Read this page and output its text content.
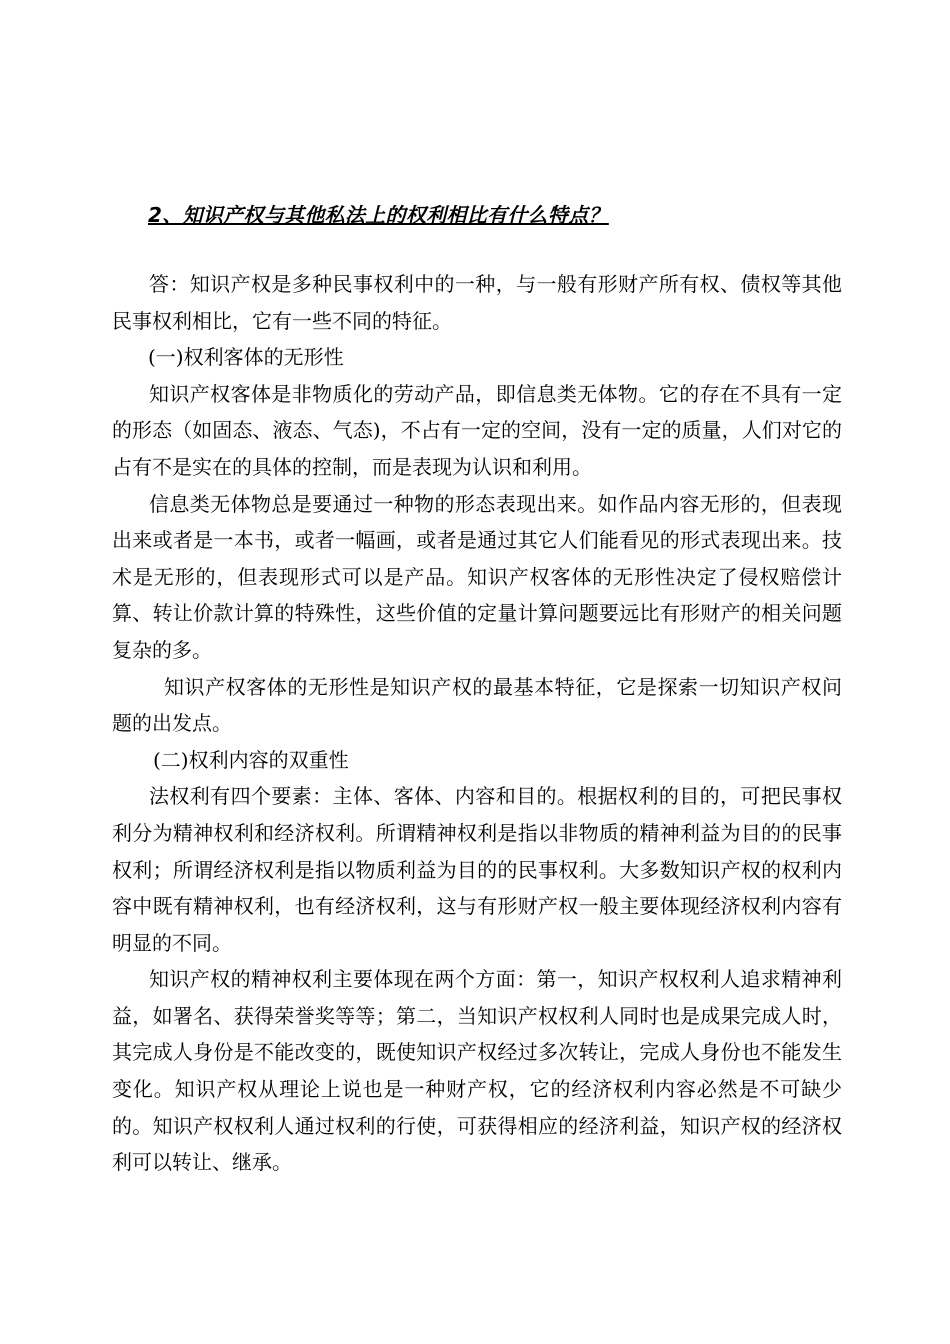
2、知识产权与其他私法上的权利相比有什么特点？

答：知识产权是多种民事权利中的一种，与一般有形财产所有权、债权等其他民事权利相比，它有一些不同的特征。

(一)权利客体的无形性

知识产权客体是非物质化的劳动产品，即信息类无体物。它的存在不具有一定的形态（如固态、液态、气态)，不占有一定的空间，没有一定的质量，人们对它的占有不是实在的具体的控制，而是表现为认识和利用。

信息类无体物总是要通过一种物的形态表现出来。如作品内容无形的，但表现出来或者是一本书，或者一幅画，或者是通过其它人们能看见的形式表现出来。技术是无形的，但表现形式可以是产品。知识产权客体的无形性决定了侵权赔偿计算、转让价款计算的特殊性，这些价值的定量计算问题要远比有形财产的相关问题复杂的多。

知识产权客体的无形性是知识产权的最基本特征，它是探索一切知识产权问题的出发点。

(二)权利内容的双重性

法权利有四个要素：主体、客体、内容和目的。根据权利的目的，可把民事权利分为精神权利和经济权利。所谓精神权利是指以非物质的精神利益为目的的民事权利；所谓经济权利是指以物质利益为目的的民事权利。大多数知识产权的权利内容中既有精神权利，也有经济权利，这与有形财产权一般主要体现经济权利内容有明显的不同。

知识产权的精神权利主要体现在两个方面：第一，知识产权权利人追求精神利益，如署名、获得荣誉奖等等；第二，当知识产权权利人同时也是成果完成人时，其完成人身份是不能改变的，既使知识产权经过多次转让，完成人身份也不能发生变化。知识产权从理论上说也是一种财产权，它的经济权利内容必然是不可缺少的。知识产权权利人通过权利的行使，可获得相应的经济利益，知识产权的经济权利可以转让、继承。
